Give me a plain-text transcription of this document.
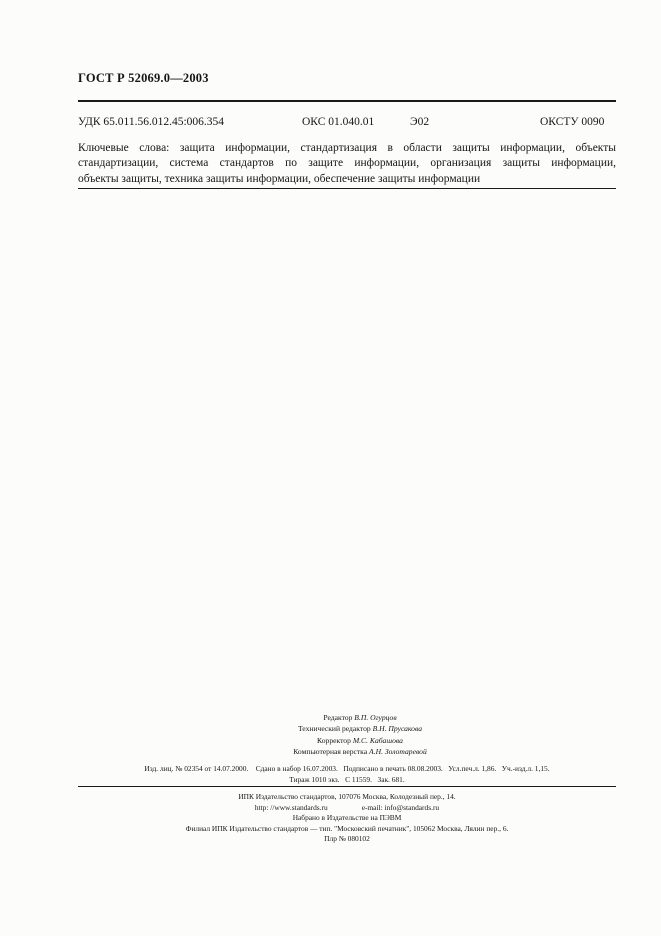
ГОСТ Р 52069.0—2003
УДК 65.011.56.012.45:006.354	ОКС 01.040.01	Э02	ОКСТУ 0090
Ключевые слова: защита информации, стандартизация в области защиты информации, объекты
стандартизации, система стандартов по защите информации, организация защиты информации,
объекты защиты, техника защиты информации, обеспечение защиты информации
Редактор В.П. Огурцов
Технический редактор В.Н. Прусакова
Корректор М.С. Кабашова
Компьютерная верстка А.Н. Золотаревой
Изд. лиц. № 02354 от 14.07.2000.    Сдано в набор 16.07.2003.   Подписано в печать 08.08.2003.   Усл.печ.л. 1,86.   Уч.-изд.л. 1,15.
Тираж 1010 экз.   С 11559.   Зак. 681.
ИПК Издательство стандартов, 107076 Москва, Колодезный пер., 14.
http: //www.standards.ru	e-mail: info@standards.ru
Набрано в Издательстве на ПЭВМ
Филиал ИПК Издательство стандартов — тип. "Московский печатник", 105062 Москва, Лялин пер., 6.
Плр № 080102
